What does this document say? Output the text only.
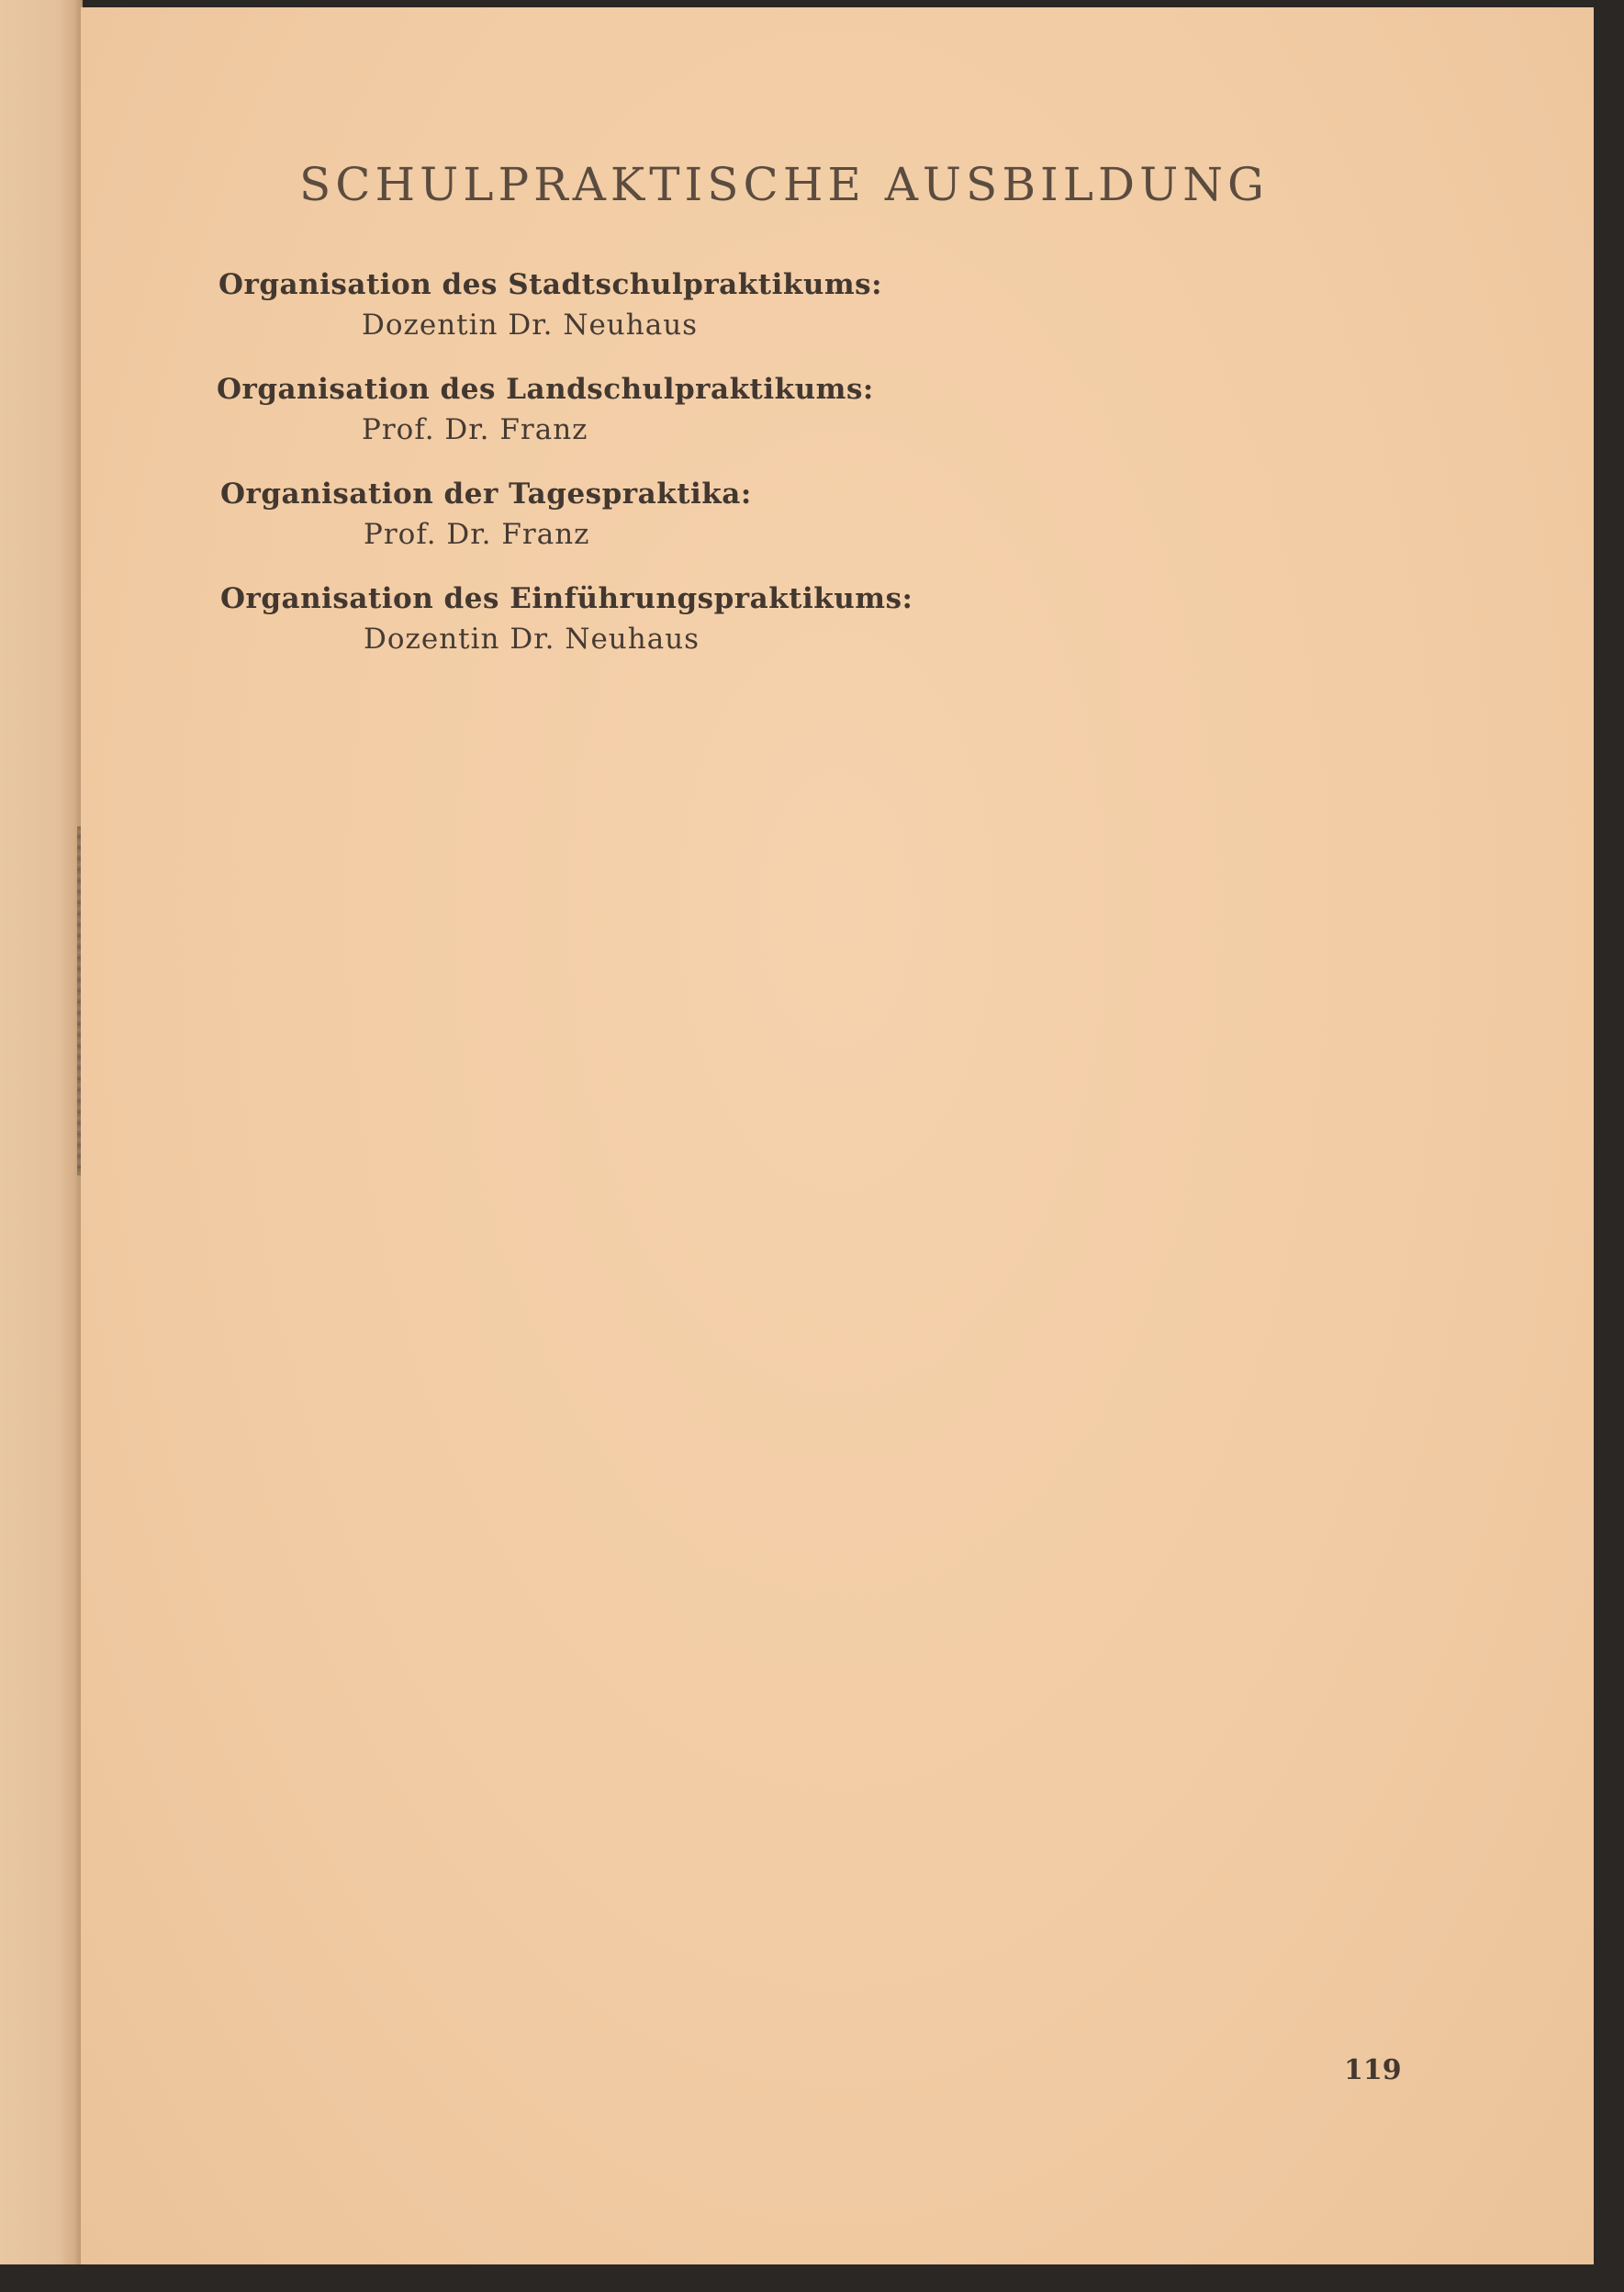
SCHULPRAKTISCHE AUSBILDUNG
Organisation des Stadtschulpraktikums:
Dozentin Dr. Neuhaus
Organisation des Landschulpraktikums:
Prof. Dr. Franz
Organisation der Tagespraktika:
Prof. Dr. Franz
Organisation des Einführungspraktikums:
Dozentin Dr. Neuhaus
119
